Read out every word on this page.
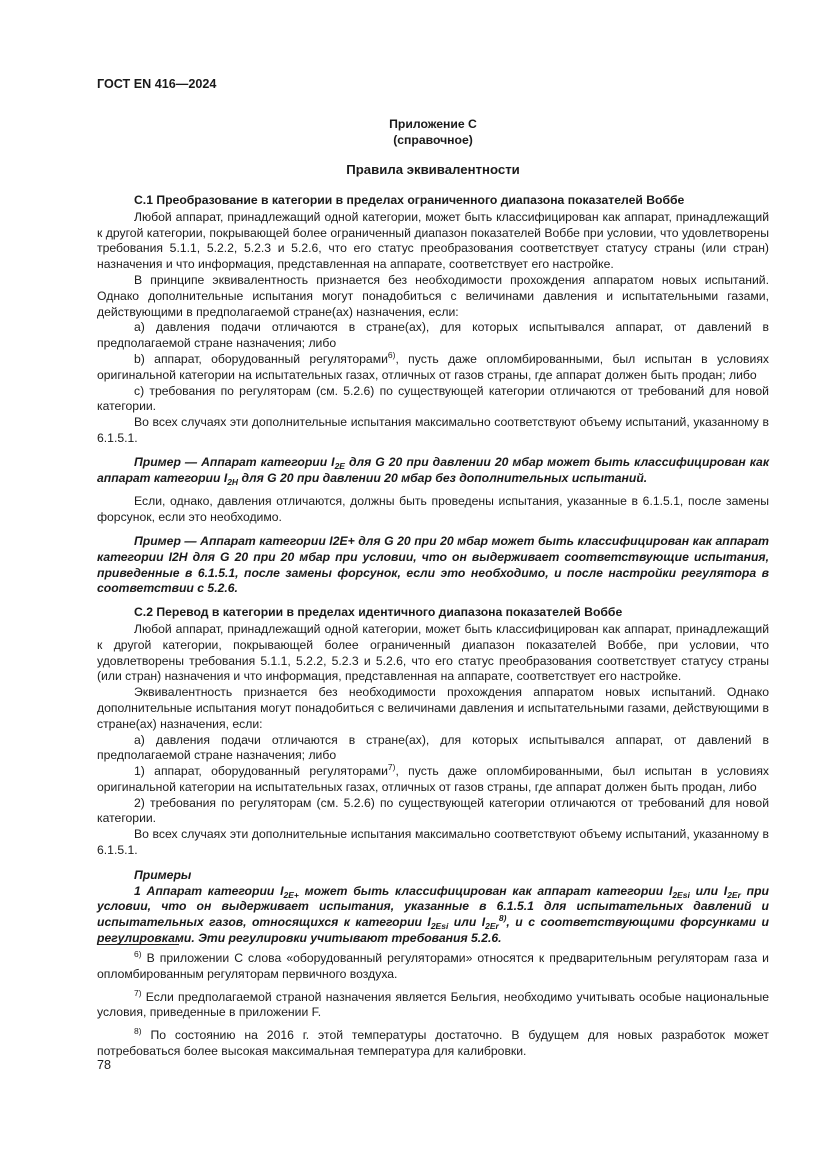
ГОСТ EN 416—2024
Приложение С
(справочное)
Правила эквивалентности

С.1 Преобразование в категории в пределах ограниченного диапазона показателей Воббе

Любой аппарат, принадлежащий одной категории, может быть классифицирован как аппарат, принадлежащий к другой категории, покрывающей более ограниченный диапазон показателей Воббе при условии, что удовлетворены требования 5.1.1, 5.2.2, 5.2.3 и 5.2.6, что его статус преобразования соответствует статусу страны (или стран) назначения и что информация, представленная на аппарате, соответствует его настройке.

В принципе эквивалентность признается без необходимости прохождения аппаратом новых испытаний. Однако дополнительные испытания могут понадобиться с величинами давления и испытательными газами, действующими в предполагаемой стране(ах) назначения, если:

a) давления подачи отличаются в стране(ах), для которых испытывался аппарат, от давлений в предполагаемой стране назначения; либо

b) аппарат, оборудованный регуляторами$^{6)}$, пусть даже опломбированными, был испытан в условиях оригинальной категории на испытательных газах, отличных от газов страны, где аппарат должен быть продан; либо

c) требования по регуляторам (см. 5.2.6) по существующей категории отличаются от требований для новой категории.

Во всех случаях эти дополнительные испытания максимально соответствуют объему испытаний, указанному в 6.1.5.1.

Пример — Аппарат категории $I_{2E}$ для G 20 при давлении 20 мбар может быть классифицирован как аппарат категории $I_{2H}$ для G 20 при давлении 20 мбар без дополнительных испытаний.

Если, однако, давления отличаются, должны быть проведены испытания, указанные в 6.1.5.1, после замены форсунок, если это необходимо.

Пример — Аппарат категории I2E+ для G 20 при 20 мбар может быть классифицирован как аппарат категории I2H для G 20 при 20 мбар при условии, что он выдерживает соответствующие испытания, приведенные в 6.1.5.1, после замены форсунок, если это необходимо, и после настройки регулятора в соответствии с 5.2.6.

С.2 Перевод в категории в пределах идентичного диапазона показателей Воббе

Любой аппарат, принадлежащий одной категории, может быть классифицирован как аппарат, принадлежащий к другой категории, покрывающей более ограниченный диапазон показателей Воббе, при условии, что удовлетворены требования 5.1.1, 5.2.2, 5.2.3 и 5.2.6, что его статус преобразования соответствует статусу страны (или стран) назначения и что информация, представленная на аппарате, соответствует его настройке.

Эквивалентность признается без необходимости прохождения аппаратом новых испытаний. Однако дополнительные испытания могут понадобиться с величинами давления и испытательными газами, действующими в стране(ах) назначения, если:

а) давления подачи отличаются в стране(ах), для которых испытывался аппарат, от давлений в предполагаемой стране назначения; либо

1) аппарат, оборудованный регуляторами$^{7)}$, пусть даже опломбированными, был испытан в условиях оригинальной категории на испытательных газах, отличных от газов страны, где аппарат должен быть продан, либо

2) требования по регуляторам (см. 5.2.6) по существующей категории отличаются от требований для новой категории.

Во всех случаях эти дополнительные испытания максимально соответствуют объему испытаний, указанному в 6.1.5.1.

Примеры

1 Аппарат категории $I_{2E+}$ может быть классифицирован как аппарат категории $I_{2Esi}$ или $I_{2Er}$ при условии, что он выдерживает испытания, указанные в 6.1.5.1 для испытательных давлений и испытательных газов, относящихся к категории $I_{2Esi}$ или $I_{2Er}^{8)}$, и с соответствующими форсунками и регулировками. Эти регулировки учитывают требования 5.2.6.

$^{6)}$ В приложении С слова «оборудованный регуляторами» относятся к предварительным регуляторам газа и опломбированным регуляторам первичного воздуха.

$^{7)}$ Если предполагаемой страной назначения является Бельгия, необходимо учитывать особые национальные условия, приведенные в приложении F.

$^{8)}$ По состоянию на 2016 г. этой температуры достаточно. В будущем для новых разработок может потребоваться более высокая максимальная температура для калибровки.

78
